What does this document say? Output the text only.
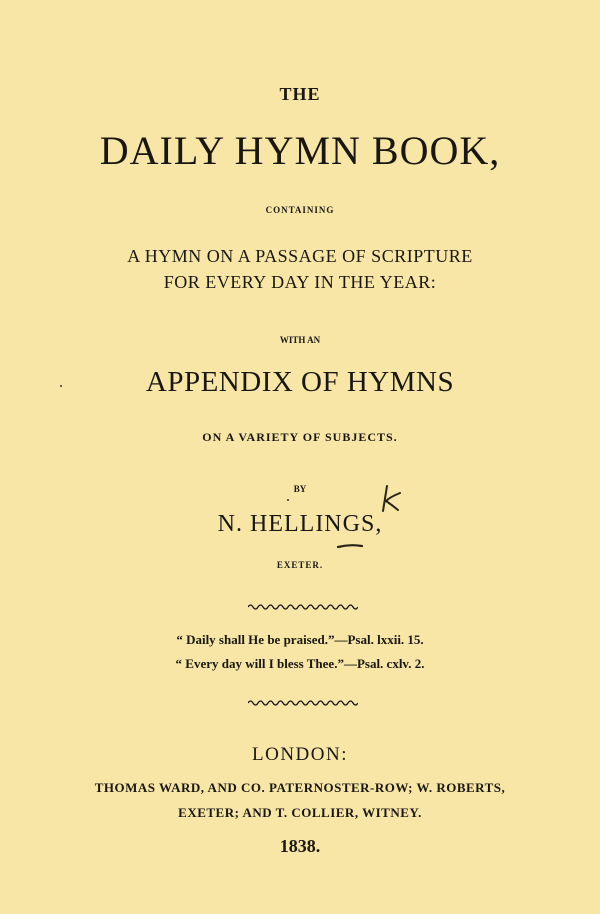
THE

DAILY HYMN BOOK,

CONTAINING

A HYMN ON A PASSAGE OF SCRIPTURE

FOR EVERY DAY IN THE YEAR:

WITH AN

APPENDIX OF HYMNS

ON A VARIETY OF SUBJECTS.

BY

N. HELLINGS,

EXETER.

“ Daily shall He be praised.”—Psal. lxxii. 15.

“ Every day will I bless Thee.”—Psal. cxlv. 2.

LONDON:

THOMAS WARD, AND CO. PATERNOSTER-ROW; W. ROBERTS,

EXETER; AND T. COLLIER, WITNEY.

1838.
